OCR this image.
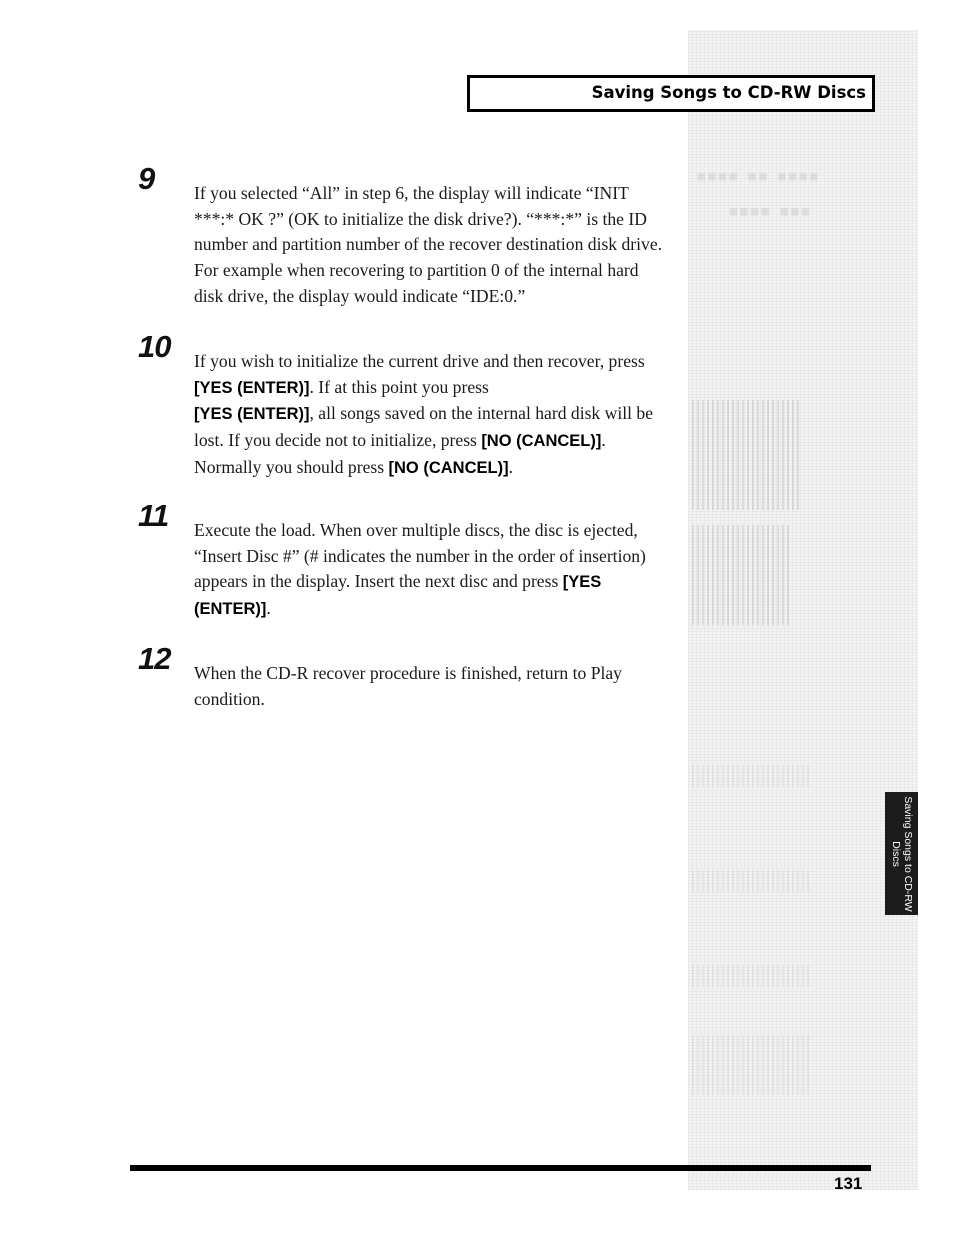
▪▪▪▪ ▪▪ ▪▪▪▪
▪▪▪▪ ▪▪▪
Saving Songs to CD-RW Discs
9 If you selected “All” in step 6, the display will indicate “INIT ***:* OK ?” (OK to initialize the disk drive?). “***:*” is the ID number and partition number of the recover destination disk drive. For example when recovering to partition 0 of the internal hard disk drive, the display would indicate “IDE:0.”
10 If you wish to initialize the current drive and then recover, press [YES (ENTER)]. If at this point you press
[YES (ENTER)], all songs saved on the internal hard disk will be lost. If you decide not to initialize, press [NO (CANCEL)]. Normally you should press [NO (CANCEL)].
11 Execute the load. When over multiple discs, the disc is ejected, “Insert Disc #” (# indicates the number in the order of insertion) appears in the display. Insert the next disc and press [YES (ENTER)].
12 When the CD-R recover procedure is finished, return to Play condition.
Saving Songs to CD-RW Discs
131
